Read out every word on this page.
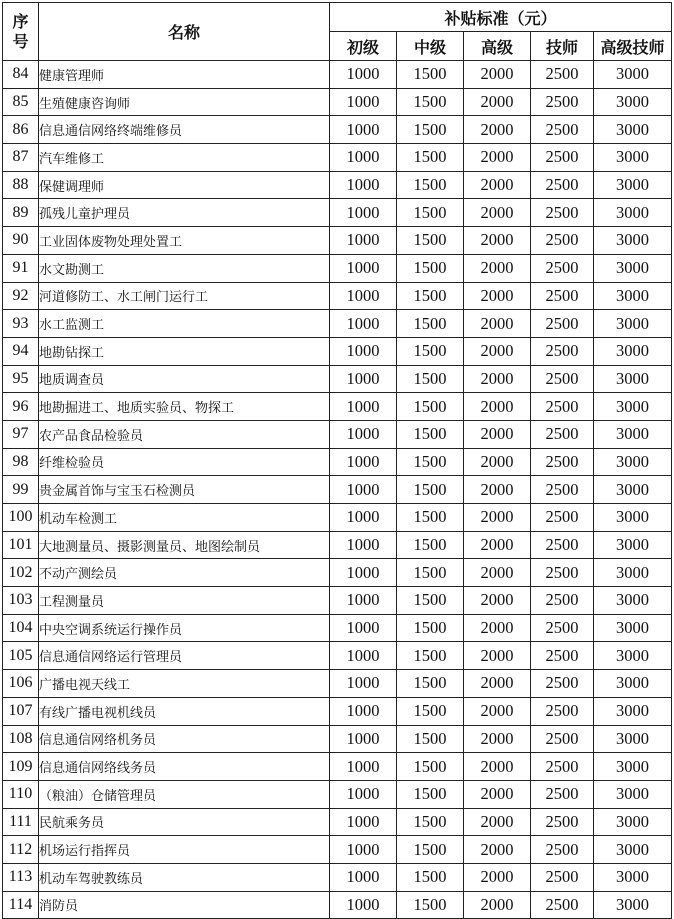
序
号	名称	补贴标准（元）				
		初级	中级	高级	技师	高级技师
84	健康管理师	1000	1500	2000	2500	3000
85	生殖健康咨询师	1000	1500	2000	2500	3000
86	信息通信网络终端维修员	1000	1500	2000	2500	3000
87	汽车维修工	1000	1500	2000	2500	3000
88	保健调理师	1000	1500	2000	2500	3000
89	孤残儿童护理员	1000	1500	2000	2500	3000
90	工业固体废物处理处置工	1000	1500	2000	2500	3000
91	水文勘测工	1000	1500	2000	2500	3000
92	河道修防工、水工闸门运行工	1000	1500	2000	2500	3000
93	水工监测工	1000	1500	2000	2500	3000
94	地勘钻探工	1000	1500	2000	2500	3000
95	地质调查员	1000	1500	2000	2500	3000
96	地勘掘进工、地质实验员、物探工	1000	1500	2000	2500	3000
97	农产品食品检验员	1000	1500	2000	2500	3000
98	纤维检验员	1000	1500	2000	2500	3000
99	贵金属首饰与宝玉石检测员	1000	1500	2000	2500	3000
100	机动车检测工	1000	1500	2000	2500	3000
101	大地测量员、摄影测量员、地图绘制员	1000	1500	2000	2500	3000
102	不动产测绘员	1000	1500	2000	2500	3000
103	工程测量员	1000	1500	2000	2500	3000
104	中央空调系统运行操作员	1000	1500	2000	2500	3000
105	信息通信网络运行管理员	1000	1500	2000	2500	3000
106	广播电视天线工	1000	1500	2000	2500	3000
107	有线广播电视机线员	1000	1500	2000	2500	3000
108	信息通信网络机务员	1000	1500	2000	2500	3000
109	信息通信网络线务员	1000	1500	2000	2500	3000
110	（粮油）仓储管理员	1000	1500	2000	2500	3000
111	民航乘务员	1000	1500	2000	2500	3000
112	机场运行指挥员	1000	1500	2000	2500	3000
113	机动车驾驶教练员	1000	1500	2000	2500	3000
114	消防员	1000	1500	2000	2500	3000
